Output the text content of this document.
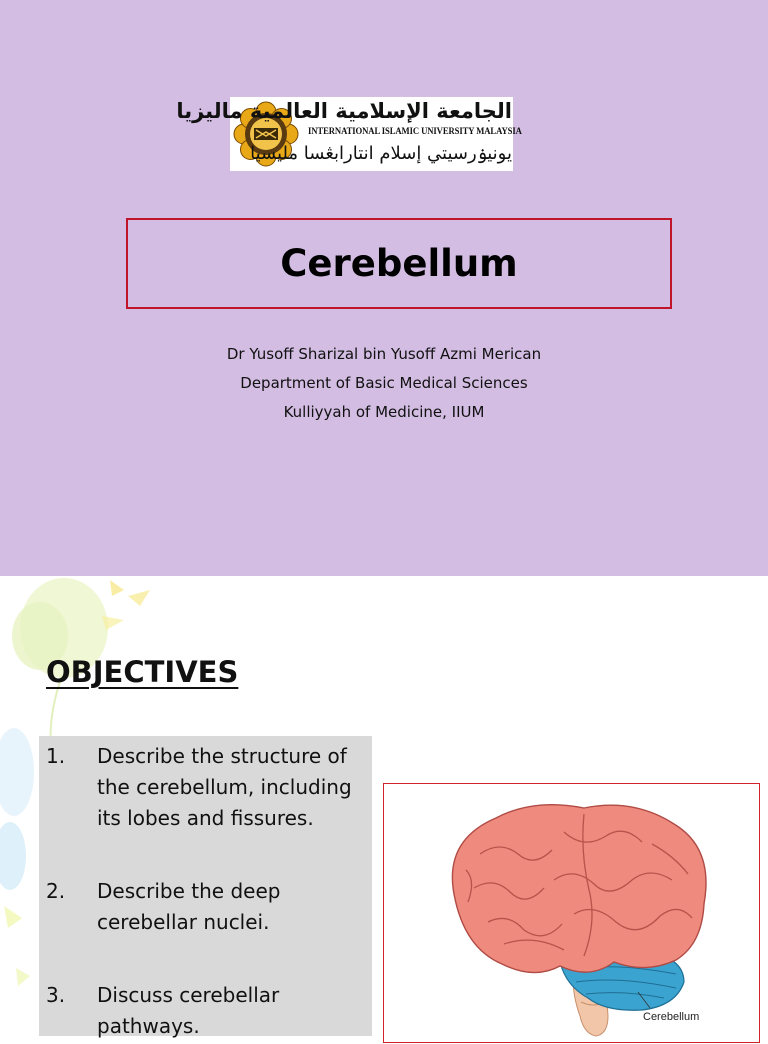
الجامعة الإسلامية العالمية ماليزيا
INTERNATIONAL ISLAMIC UNIVERSITY MALAYSIA
يونيۏرسيتي إسلام انتارابڠسا مليسيا
Cerebellum
Dr Yusoff Sharizal bin Yusoff Azmi Merican
Department of Basic Medical Sciences
Kulliyyah of Medicine, IIUM
OBJECTIVES
1.	Describe the structure of the cerebellum, including its lobes and fissures.
2.	Describe the deep cerebellar nuclei.
3.	Discuss cerebellar pathways.	Cerebellum
